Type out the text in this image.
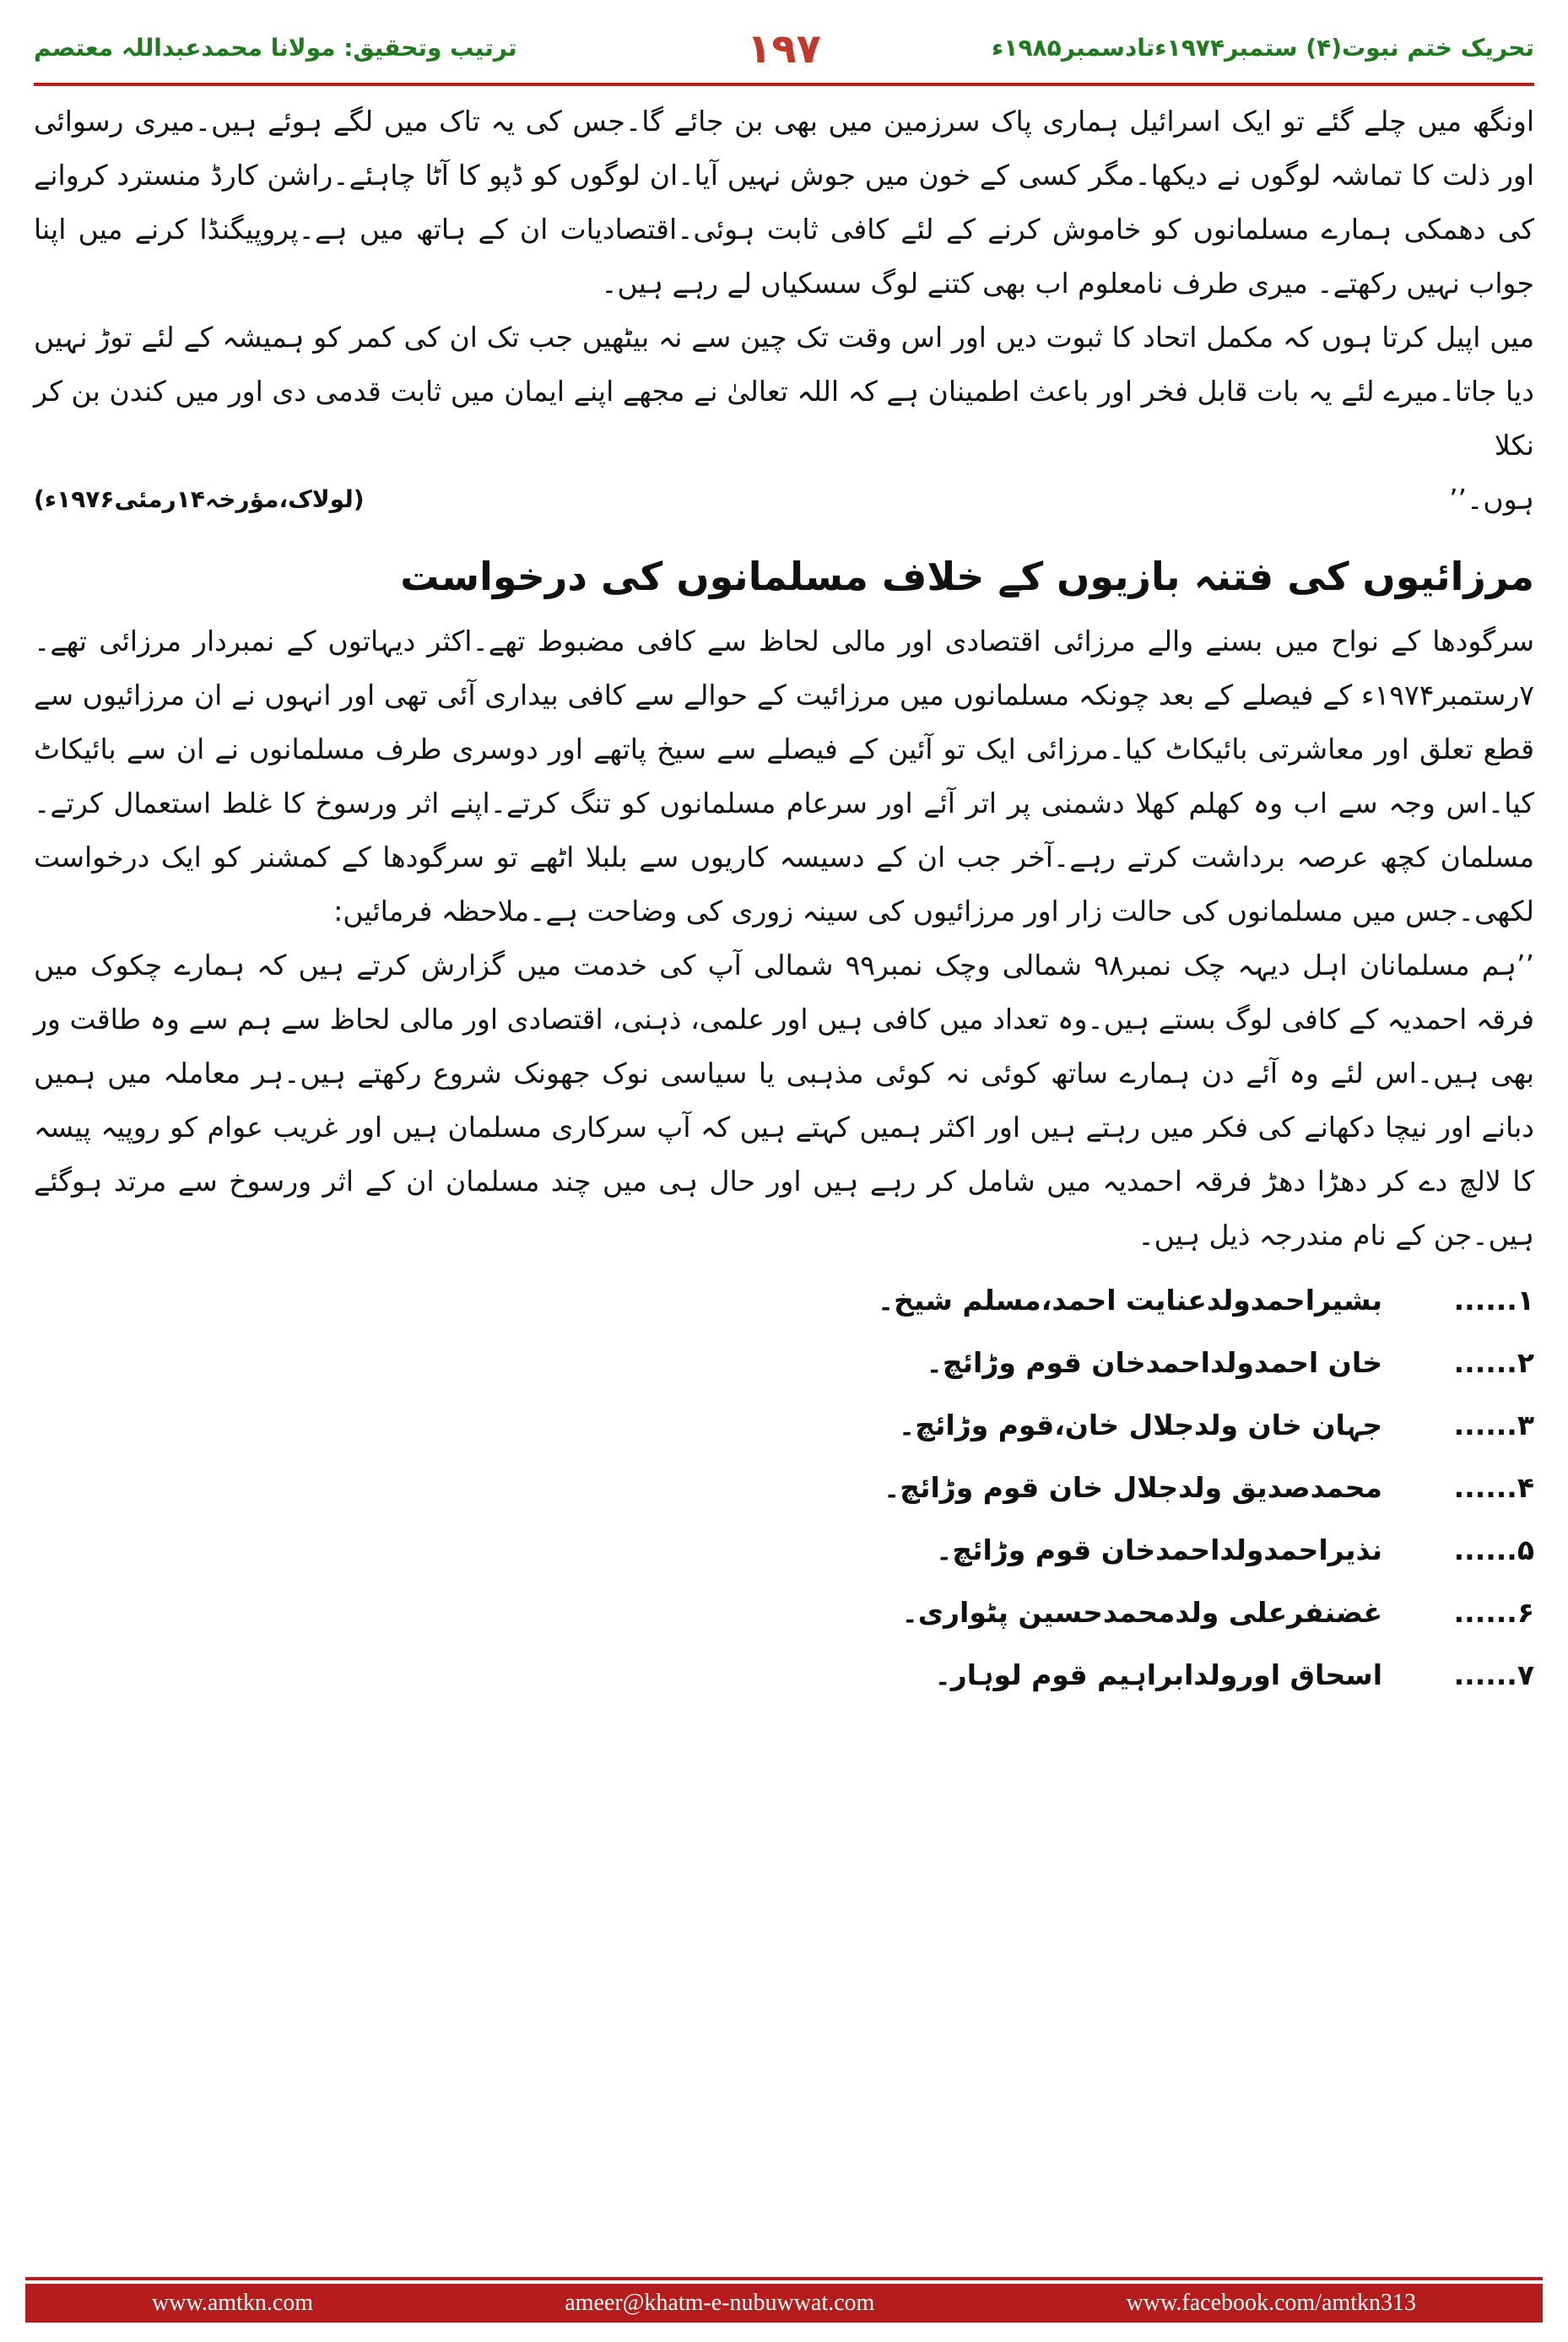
تحریک ختم نبوت(۴) ستمبر۱۹۷۴ءتادسمبر۱۹۸۵ء
۱۹۷
ترتیب وتحقیق: مولانا محمدعبداللہ معتصم

اونگھ میں چلے گئے تو ایک اسرائیل ہماری پاک سرزمین میں بھی بن جائے گا۔جس کی یہ تاک میں لگے ہوئے ہیں۔میری رسوائی اور ذلت کا تماشہ لوگوں نے دیکھا۔مگر کسی کے خون میں جوش نہیں آیا۔ان لوگوں کو ڈپو کا آٹا چاہئے۔راشن کارڈ منسترد کروانے کی دھمکی ہمارے مسلمانوں کو خاموش کرنے کے لئے کافی ثابت ہوئی۔اقتصادیات ان کے ہاتھ میں ہے۔پروپیگنڈا کرنے میں اپنا جواب نہیں رکھتے۔ میری طرف نامعلوم اب بھی کتنے لوگ سسکیاں لے رہے ہیں۔

میں اپیل کرتا ہوں کہ مکمل اتحاد کا ثبوت دیں اور اس وقت تک چین سے نہ بیٹھیں جب تک ان کی کمر کو ہمیشہ کے لئے توڑ نہیں دیا جاتا۔میرے لئے یہ بات قابل فخر اور باعث اطمینان ہے کہ اللہ تعالیٰ نے مجھے اپنے ایمان میں ثابت قدمی دی اور میں کندن بن کر نکلا

ہوں۔’’
(لولاک،مؤرخہ۱۴رمئی۱۹۷۶ء)
مرزائیوں کی فتنہ بازیوں کے خلاف مسلمانوں کی درخواست

سرگودھا کے نواح میں بسنے والے مرزائی اقتصادی اور مالی لحاظ سے کافی مضبوط تھے۔اکثر دیہاتوں کے نمبردار مرزائی تھے۔ ۷رستمبر۱۹۷۴ء کے فیصلے کے بعد چونکہ مسلمانوں میں مرزائیت کے حوالے سے کافی بیداری آئی تھی اور انہوں نے ان مرزائیوں سے قطع تعلق اور معاشرتی بائیکاٹ کیا۔مرزائی ایک تو آئین کے فیصلے سے سیخ پاتھے اور دوسری طرف مسلمانوں نے ان سے بائیکاٹ کیا۔اس وجہ سے اب وہ کھلم کھلا دشمنی پر اتر آئے اور سرعام مسلمانوں کو تنگ کرتے۔اپنے اثر ورسوخ کا غلط استعمال کرتے۔مسلمان کچھ عرصہ برداشت کرتے رہے۔آخر جب ان کے دسیسہ کاریوں سے بلبلا اٹھے تو سرگودھا کے کمشنر کو ایک درخواست لکھی۔جس میں مسلمانوں کی حالت زار اور مرزائیوں کی سینہ زوری کی وضاحت ہے۔ملاحظہ فرمائیں:

’’ہم مسلمانان اہل دیہہ چک نمبر۹۸ شمالی وچک نمبر۹۹ شمالی آپ کی خدمت میں گزارش کرتے ہیں کہ ہمارے چکوک میں فرقہ احمدیہ کے کافی لوگ بستے ہیں۔وہ تعداد میں کافی ہیں اور علمی، ذہنی، اقتصادی اور مالی لحاظ سے ہم سے وہ طاقت ور بھی ہیں۔اس لئے وہ آئے دن ہمارے ساتھ کوئی نہ کوئی مذہبی یا سیاسی نوک جھونک شروع رکھتے ہیں۔ہر معاملہ میں ہمیں دبانے اور نیچا دکھانے کی فکر میں رہتے ہیں اور اکثر ہمیں کہتے ہیں کہ آپ سرکاری مسلمان ہیں اور غریب عوام کو روپیہ پیسہ کا لالچ دے کر دھڑا دھڑ فرقہ احمدیہ میں شامل کر رہے ہیں اور حال ہی میں چند مسلمان ان کے اثر ورسوخ سے مرتد ہوگئے ہیں۔جن کے نام مندرجہ ذیل ہیں۔

۱......
بشیراحمدولدعنایت احمد،مسلم شیخ۔
۲......
خان احمدولداحمدخان قوم وڑائچ۔
۳......
جہان خان ولدجلال خان،قوم وڑائچ۔
۴......
محمدصدیق ولدجلال خان قوم وڑائچ۔
۵......
نذیراحمدولداحمدخان قوم وڑائچ۔
۶......
غضنفرعلی ولدمحمدحسین پٹواری۔
۷......
اسحاق اورولدابراہیم قوم لوہار۔
www.amtkn.com	ameer@khatm-e-nubuwwat.com	www.facebook.com/amtkn313
